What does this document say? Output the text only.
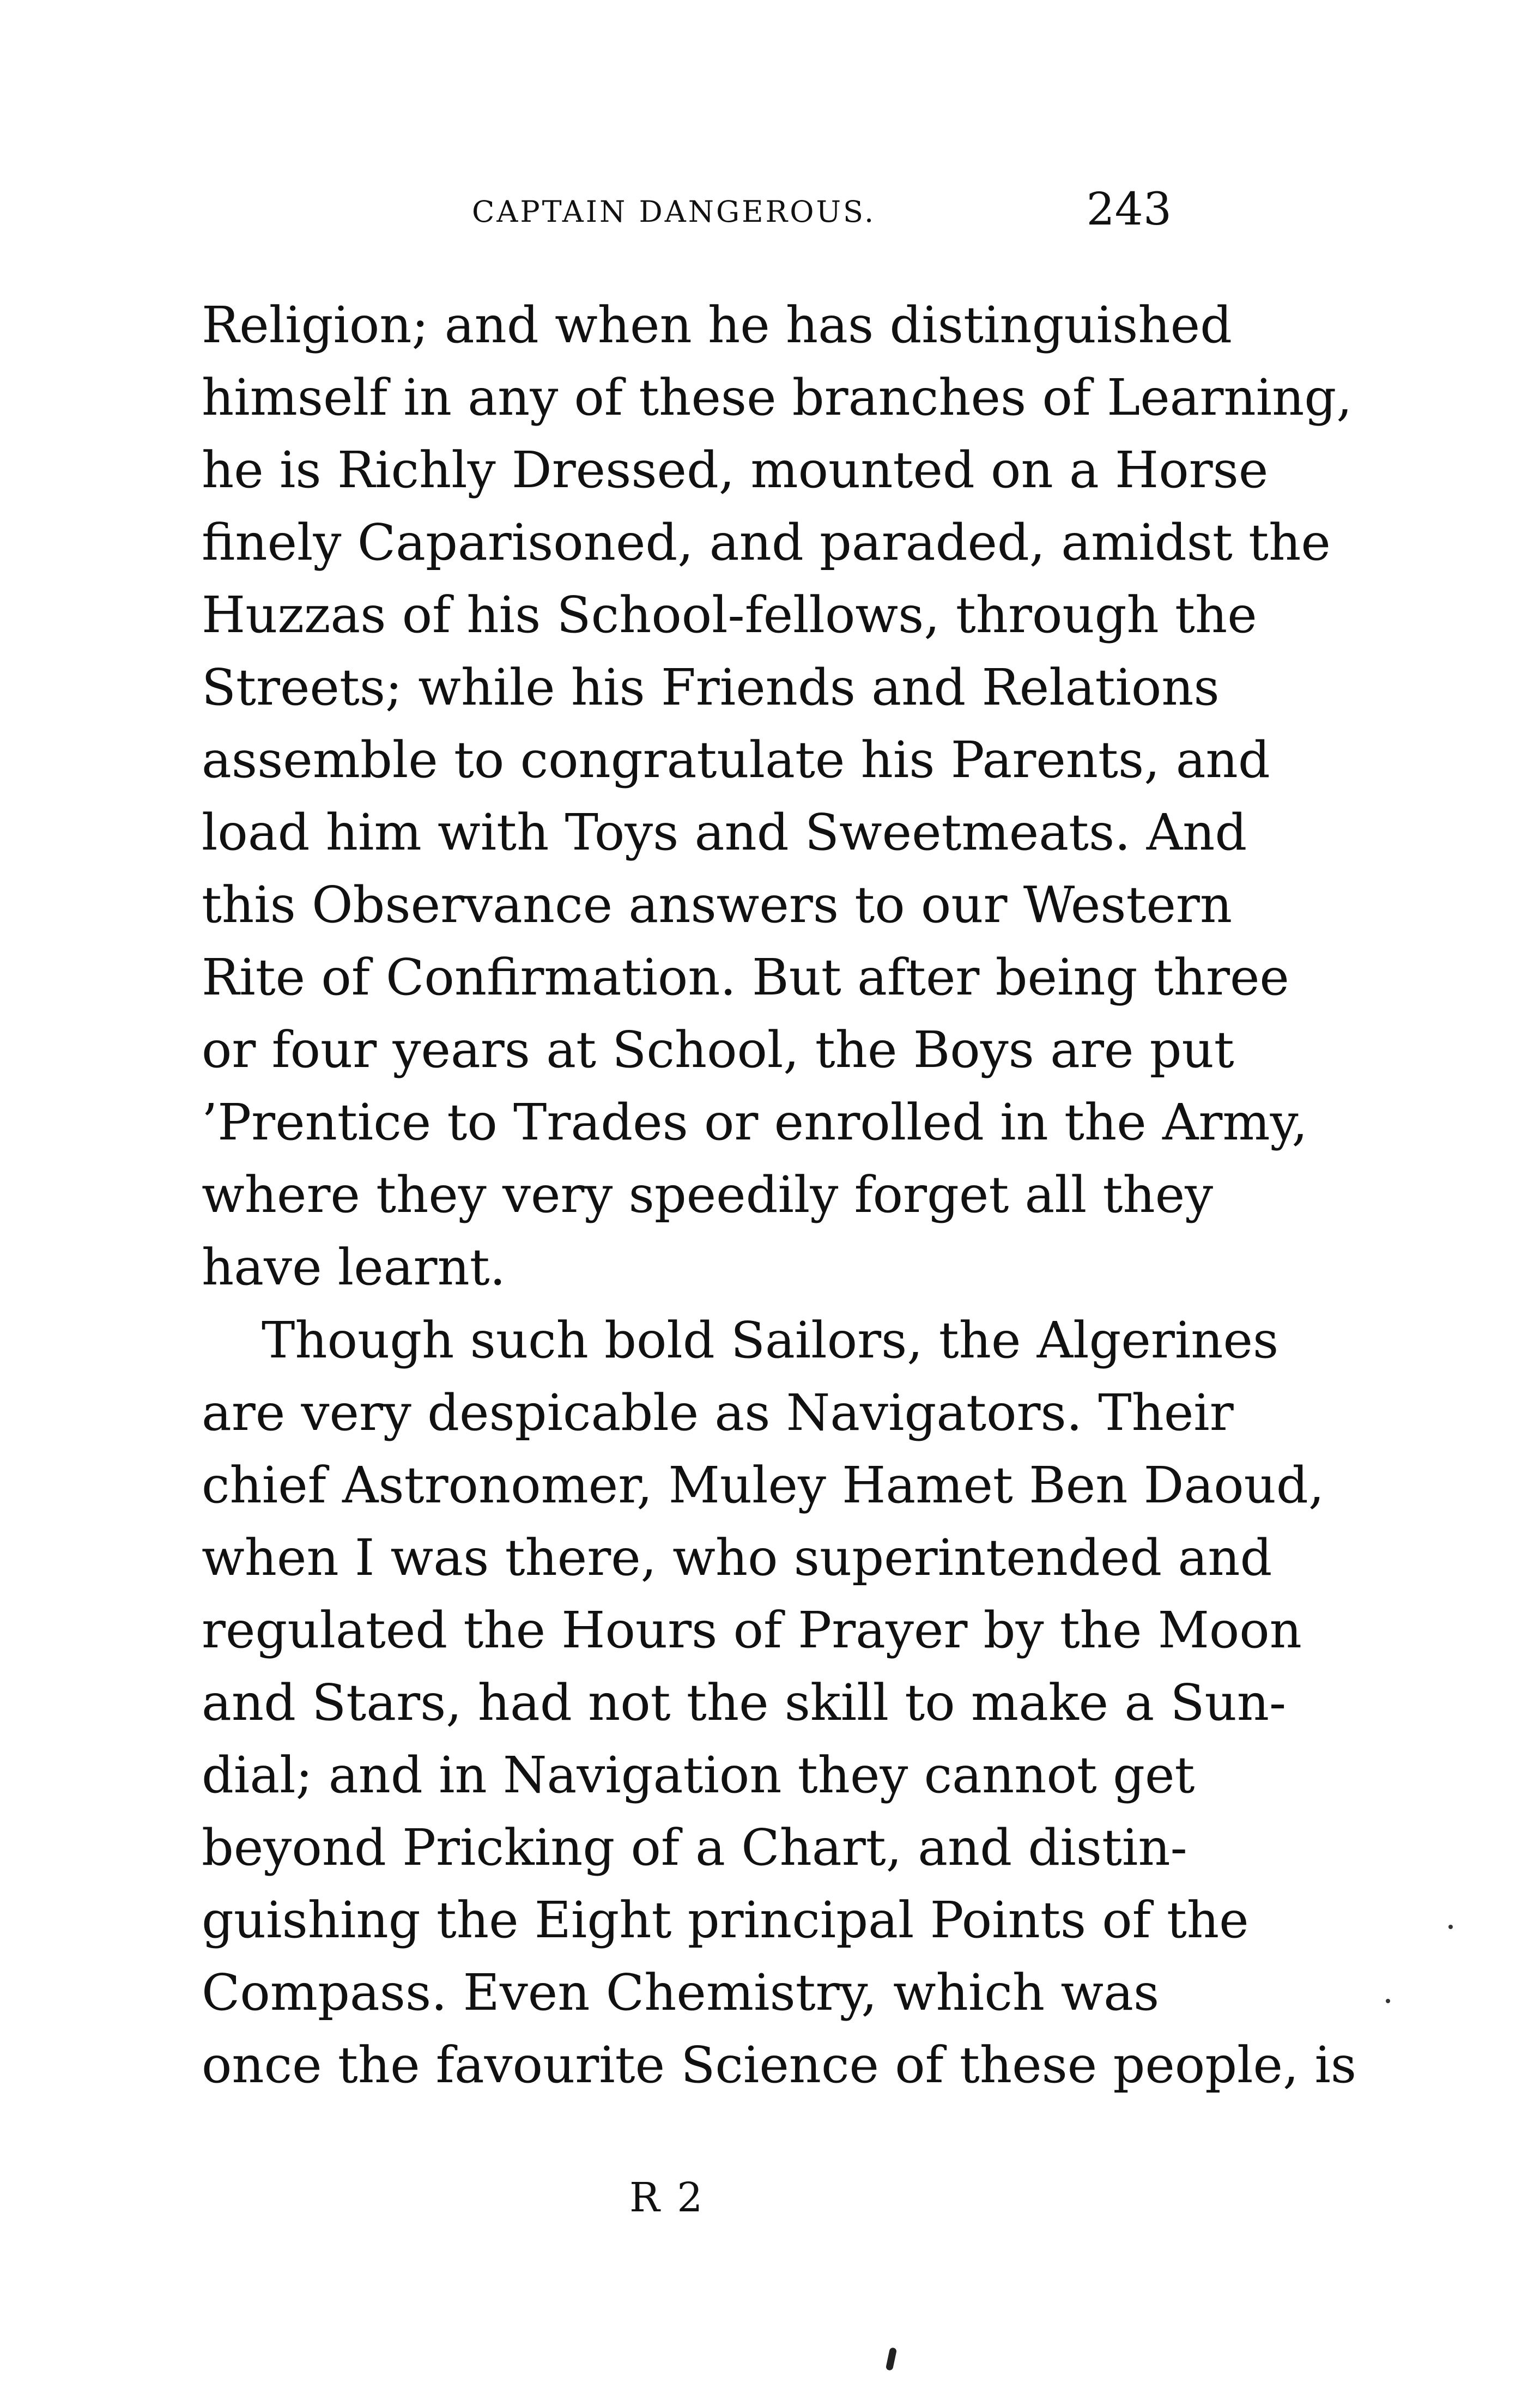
CAPTAIN DANGEROUS.	243
Religion; and when he has distinguished
himself in any of these branches of Learning,
he is Richly Dressed, mounted on a Horse
finely Caparisoned, and paraded, amidst the
Huzzas of his School-fellows, through the
Streets; while his Friends and Relations
assemble to congratulate his Parents, and
load him with Toys and Sweetmeats. And
this Observance answers to our Western
Rite of Confirmation. But after being three
or four years at School, the Boys are put
’Prentice to Trades or enrolled in the Army,
where they very speedily forget all they
have learnt.
Though such bold Sailors, the Algerines
are very despicable as Navigators. Their
chief Astronomer, Muley Hamet Ben Daoud,
when I was there, who superintended and
regulated the Hours of Prayer by the Moon
and Stars, had not the skill to make a Sun-
dial; and in Navigation they cannot get
beyond Pricking of a Chart, and distin-
guishing the Eight principal Points of the
Compass. Even Chemistry, which was
once the favourite Science of these people, is
R 2
